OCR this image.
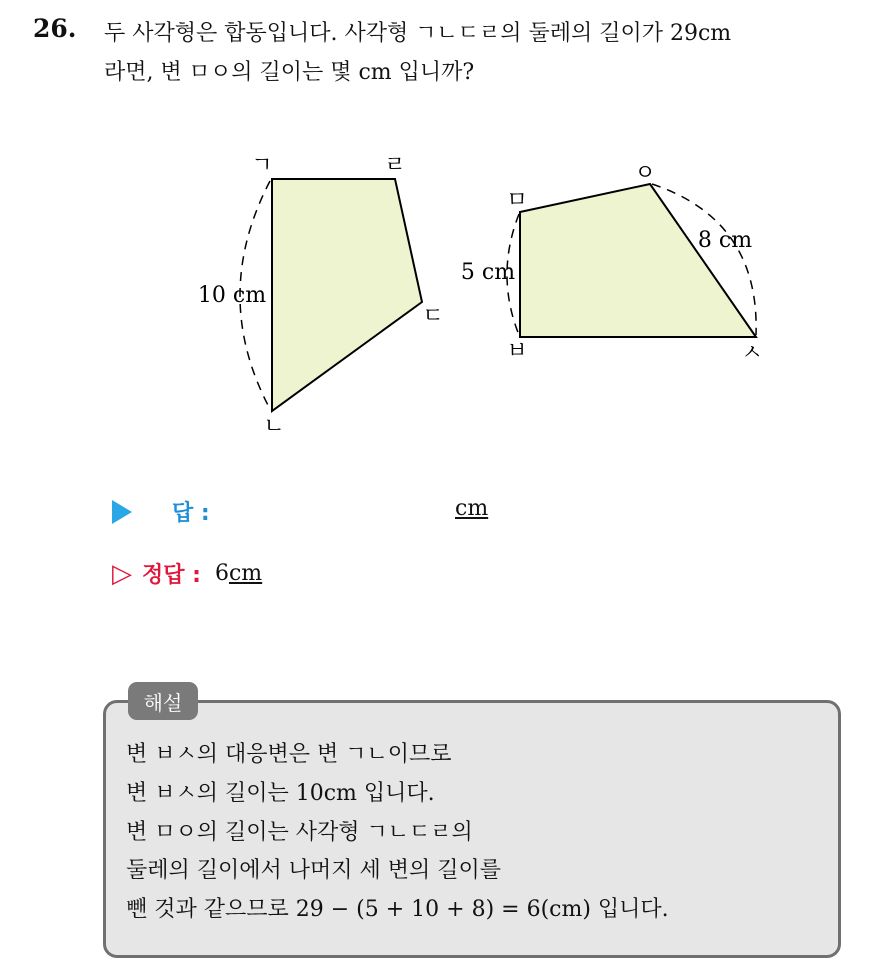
26. 두 사각형은 합동입니다. 사각형 ㄱㄴㄷㄹ의 둘레의 길이가 29cm
라면, 변 ㅁㅇ의 길이는 몇 cm 입니까?
ㄱ	ㄹ
ㄷ
ㄴ
10 cm
ㅁ
ㅇ
ㅅ
ㅂ
5 cm
8 cm
답 :	cm
▷ 정답 : 6 cm
해설
변 ㅂㅅ의 대응변은 변 ㄱㄴ이므로
변 ㅂㅅ의 길이는 10cm 입니다.
변 ㅁㅇ의 길이는 사각형 ㄱㄴㄷㄹ의
둘레의 길이에서 나머지 세 변의 길이를
뺀 것과 같으므로 29 − (5 + 10 + 8) = 6(cm) 입니다.
